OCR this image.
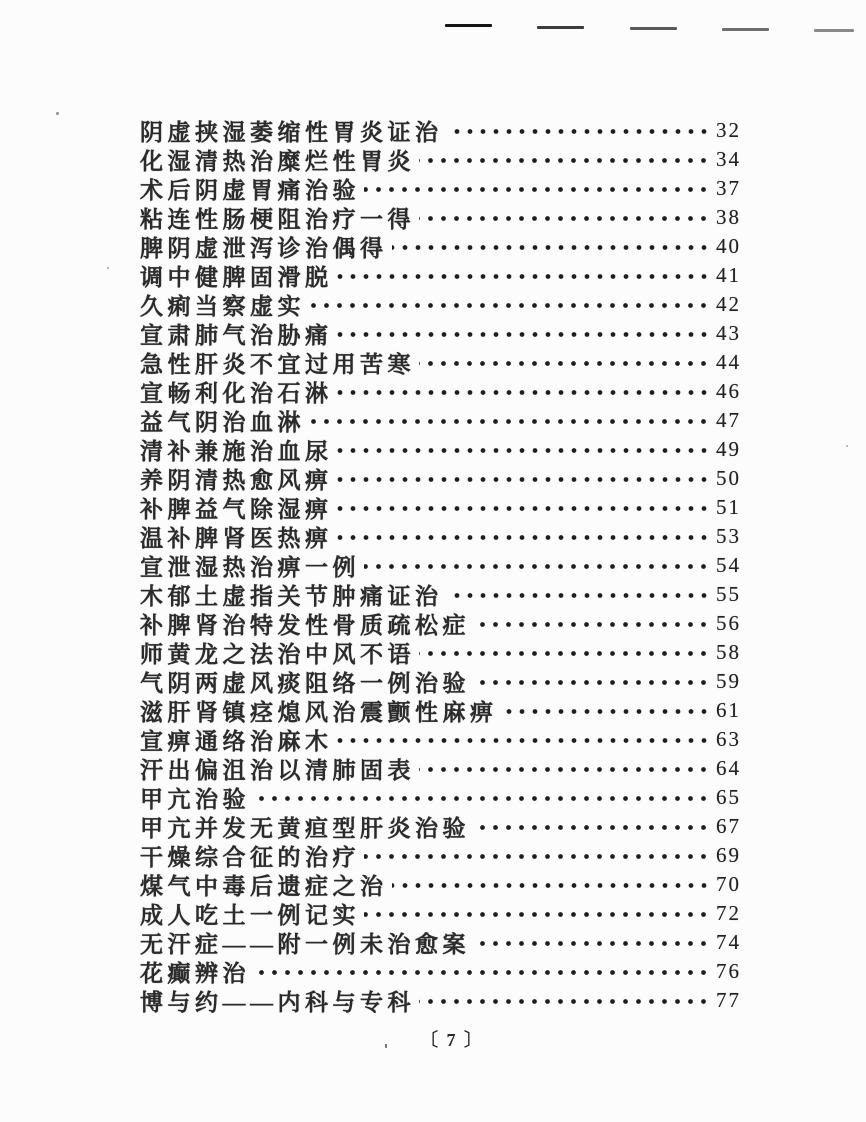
阴虚挟湿萎缩性胃炎证治	32
化湿清热治糜烂性胃炎	34
术后阴虚胃痛治验	37
粘连性肠梗阻治疗一得	38
脾阴虚泄泻诊治偶得	40
调中健脾固滑脱	41
久痢当察虚实	42
宣肃肺气治胁痛	43
急性肝炎不宜过用苦寒	44
宣畅利化治石淋	46
益气阴治血淋	47
清补兼施治血尿	49
养阴清热愈风痹	50
补脾益气除湿痹	51
温补脾肾医热痹	53
宣泄湿热治痹一例	54
木郁土虚指关节肿痛证治	55
补脾肾治特发性骨质疏松症	56
师黄龙之法治中风不语	58
气阴两虚风痰阻络一例治验	59
滋肝肾镇痉熄风治震颤性麻痹	61
宣痹通络治麻木	63
汗出偏沮治以清肺固表	64
甲亢治验	65
甲亢并发无黄疸型肝炎治验	67
干燥综合征的治疗	69
煤气中毒后遗症之治	70
成人吃土一例记实	72
无汗症——附一例未治愈案	74
花癫辨治	76
博与约——内科与专科	77
〔 7 〕
